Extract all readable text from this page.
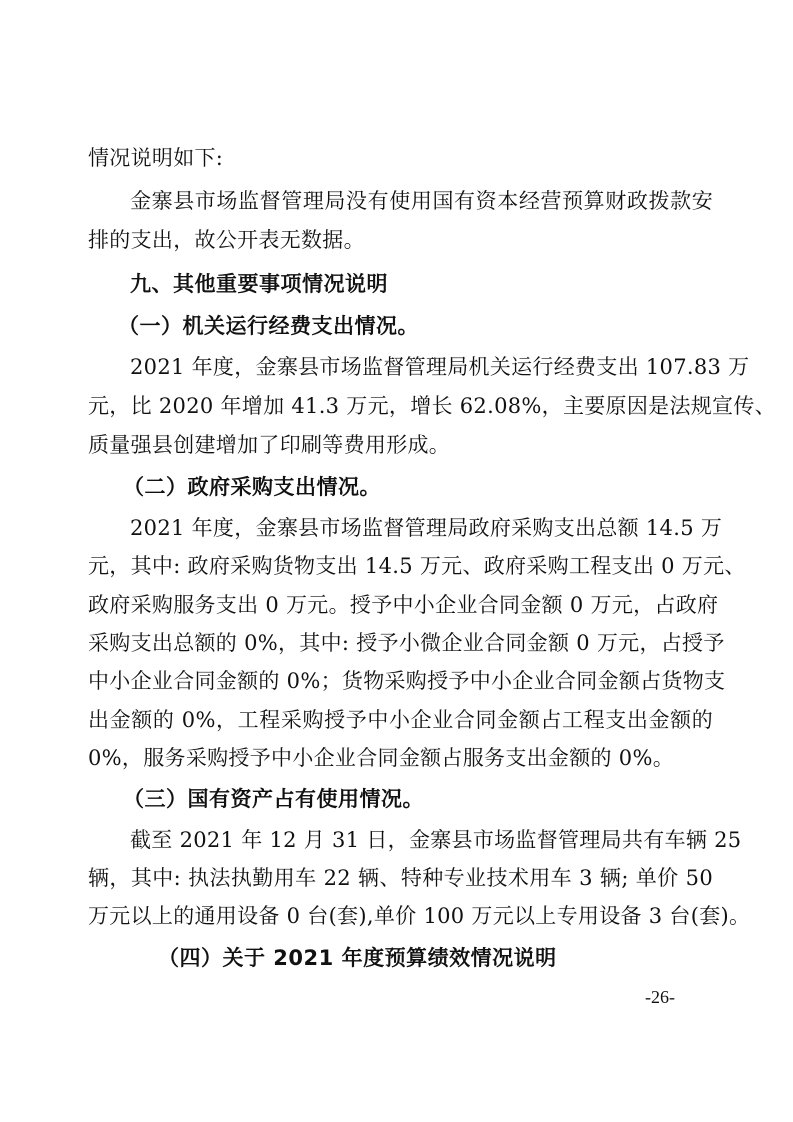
情况说明如下:
金寨县市场监督管理局没有使用国有资本经营预算财政拨款安
排的支出，故公开表无数据。
九、其他重要事项情况说明
（一）机关运行经费支出情况。
2021 年度，金寨县市场监督管理局机关运行经费支出 107.83 万
元，比 2020 年增加 41.3 万元，增长 62.08%，主要原因是法规宣传、
质量强县创建增加了印刷等费用形成。
（二）政府采购支出情况。
2021 年度，金寨县市场监督管理局政府采购支出总额 14.5 万
元，其中: 政府采购货物支出 14.5 万元、政府采购工程支出 0 万元、
政府采购服务支出 0 万元。授予中小企业合同金额 0 万元，占政府
采购支出总额的 0%，其中: 授予小微企业合同金额 0 万元，占授予
中小企业合同金额的 0%；货物采购授予中小企业合同金额占货物支
出金额的 0%，工程采购授予中小企业合同金额占工程支出金额的
0%，服务采购授予中小企业合同金额占服务支出金额的 0%。
（三）国有资产占有使用情况。
截至 2021 年 12 月 31 日，金寨县市场监督管理局共有车辆 25
辆，其中: 执法执勤用车 22 辆、特种专业技术用车 3 辆; 单价 50
万元以上的通用设备 0 台(套),单价 100 万元以上专用设备 3 台(套)。
（四）关于 2021 年度预算绩效情况说明
-26-
